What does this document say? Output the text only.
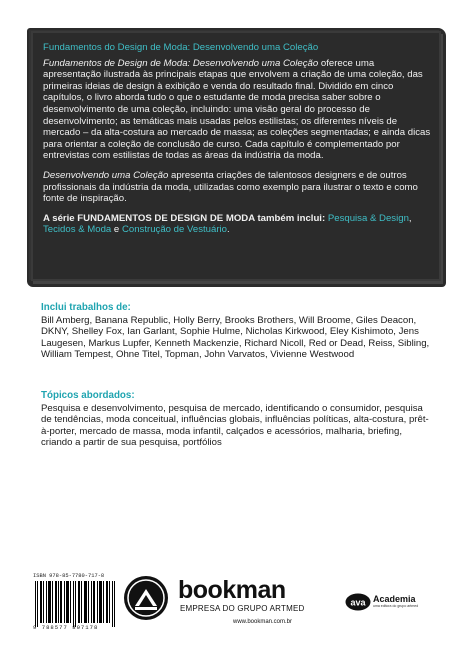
Fundamentos do Design de Moda: Desenvolvendo uma Coleção

Fundamentos de Design de Moda: Desenvolvendo uma Coleção oferece uma apresentação ilustrada às principais etapas que envolvem a criação de uma coleção, das primeiras ideias de design à exibição e venda do resultado final. Dividido em cinco capítulos, o livro aborda tudo o que o estudante de moda precisa saber sobre o desenvolvimento de uma coleção, incluindo: uma visão geral do processo de desenvolvimento; as temáticas mais usadas pelos estilistas; os diferentes níveis de mercado – da alta-costura ao mercado de massa; as coleções segmentadas; e ainda dicas para orientar a coleção de conclusão de curso. Cada capítulo é complementado por entrevistas com estilistas de todas as áreas da indústria da moda.

Desenvolvendo uma Coleção apresenta criações de talentosos designers e de outros profissionais da indústria da moda, utilizadas como exemplo para ilustrar o texto e como fonte de inspiração.

A série FUNDAMENTOS DE DESIGN DE MODA também inclui: Pesquisa & Design, Tecidos & Moda e Construção de Vestuário.

Inclui trabalhos de:
Bill Amberg, Banana Republic, Holly Berry, Brooks Brothers, Will Broome, Giles Deacon, DKNY, Shelley Fox, Ian Garlant, Sophie Hulme, Nicholas Kirkwood, Eley Kishimoto, Jens Laugesen, Markus Lupfer, Kenneth Mackenzie, Richard Nicoll, Red or Dead, Reiss, Sibling, William Tempest, Ohne Titel, Topman, John Varvatos, Vivienne Westwood
Tópicos abordados:
Pesquisa e desenvolvimento, pesquisa de mercado, identificando o consumidor, pesquisa de tendências, moda conceitual, influências globais, influências políticas, alta-costura, prêt-à-porter, mercado de massa, moda infantil, calçados e acessórios, malharia, briefing, criando a partir de sua pesquisa, portfólios
ISBN 978-85-7780-717-8
9 788577 807178
bookman
EMPRESA DO GRUPO ARTMED
www.bookman.com.br
ava Academia
uma editora do grupo artmed
